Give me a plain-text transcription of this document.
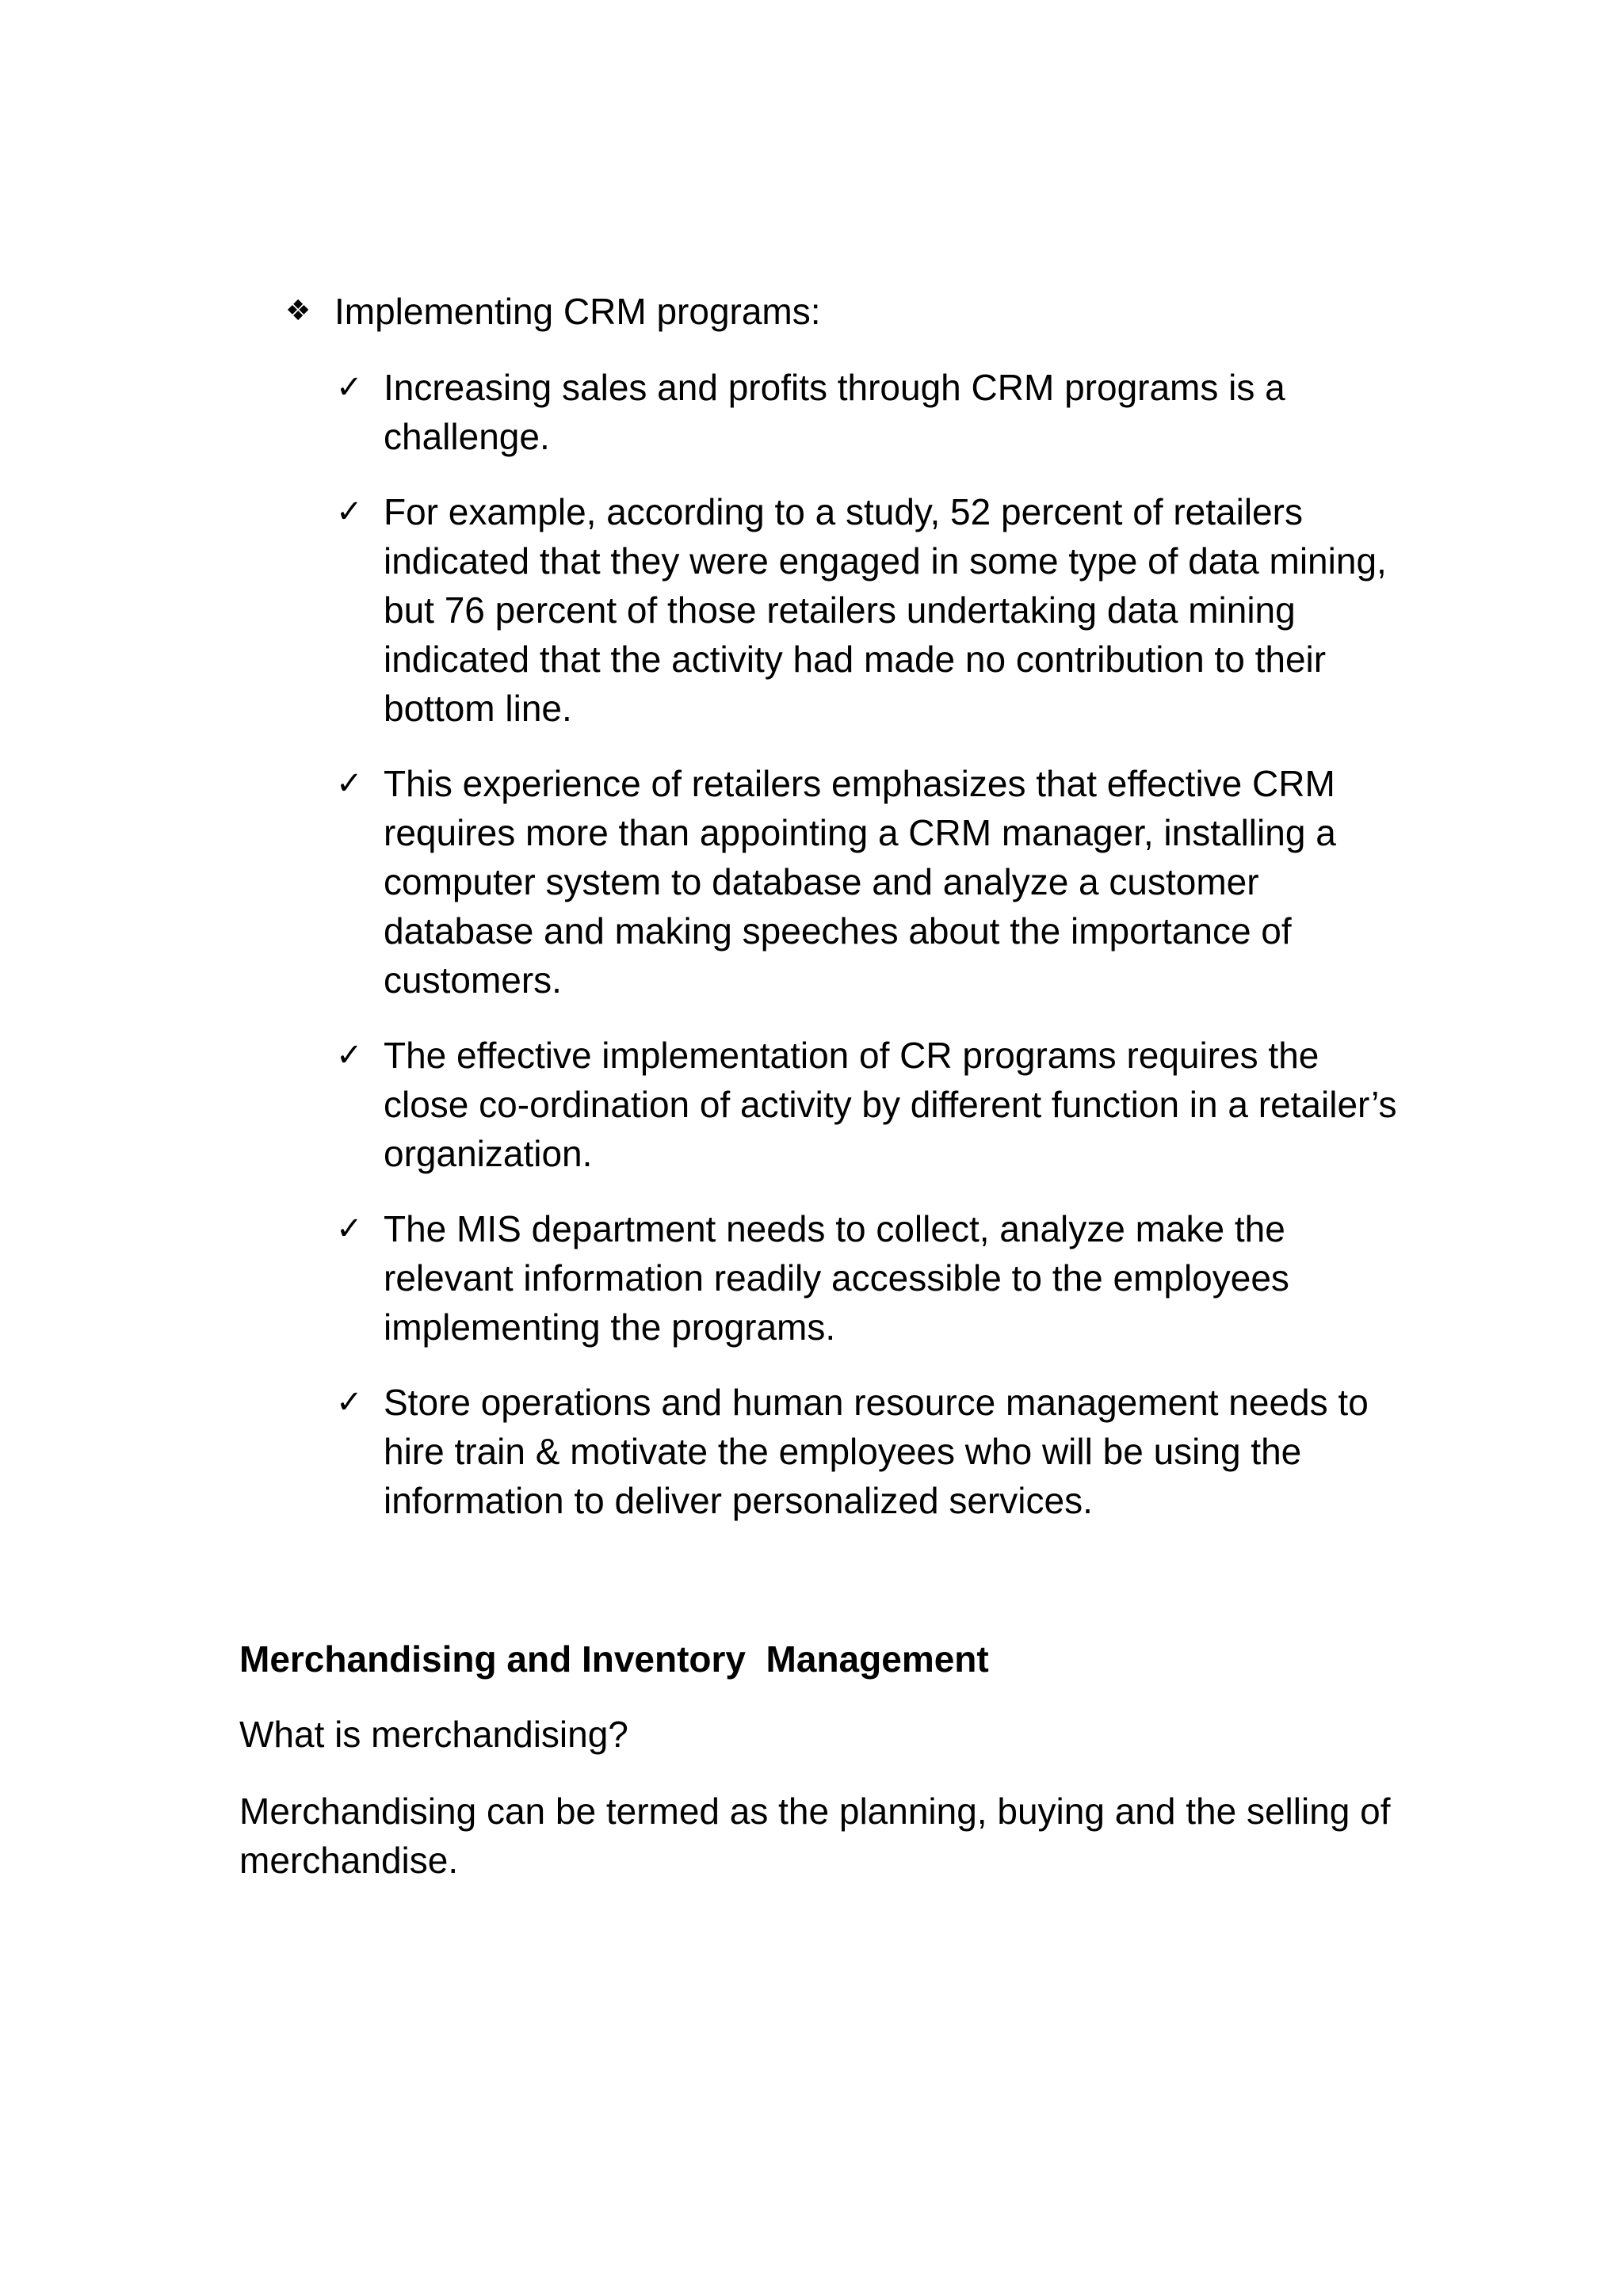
❖ Implementing CRM programs:
✓ Increasing sales and profits through CRM programs is a challenge.
✓ For example, according to a study, 52 percent of retailers indicated that they were engaged in some type of data mining, but 76 percent of those retailers undertaking data mining indicated that the activity had made no contribution to their bottom line.
✓ This experience of retailers emphasizes that effective CRM requires more than appointing a CRM manager, installing a computer system to database and analyze a customer database and making speeches about the importance of customers.
✓ The effective implementation of CR programs requires the close co-ordination of activity by different function in a retailer’s organization.
✓ The MIS department needs to collect, analyze make the relevant information readily accessible to the employees implementing the programs.
✓ Store operations and human resource management needs to hire train & motivate the employees who will be using the information to deliver personalized services.
Merchandising and Inventory  Management
What is merchandising?
Merchandising can be termed as the planning, buying and the selling of merchandise.
